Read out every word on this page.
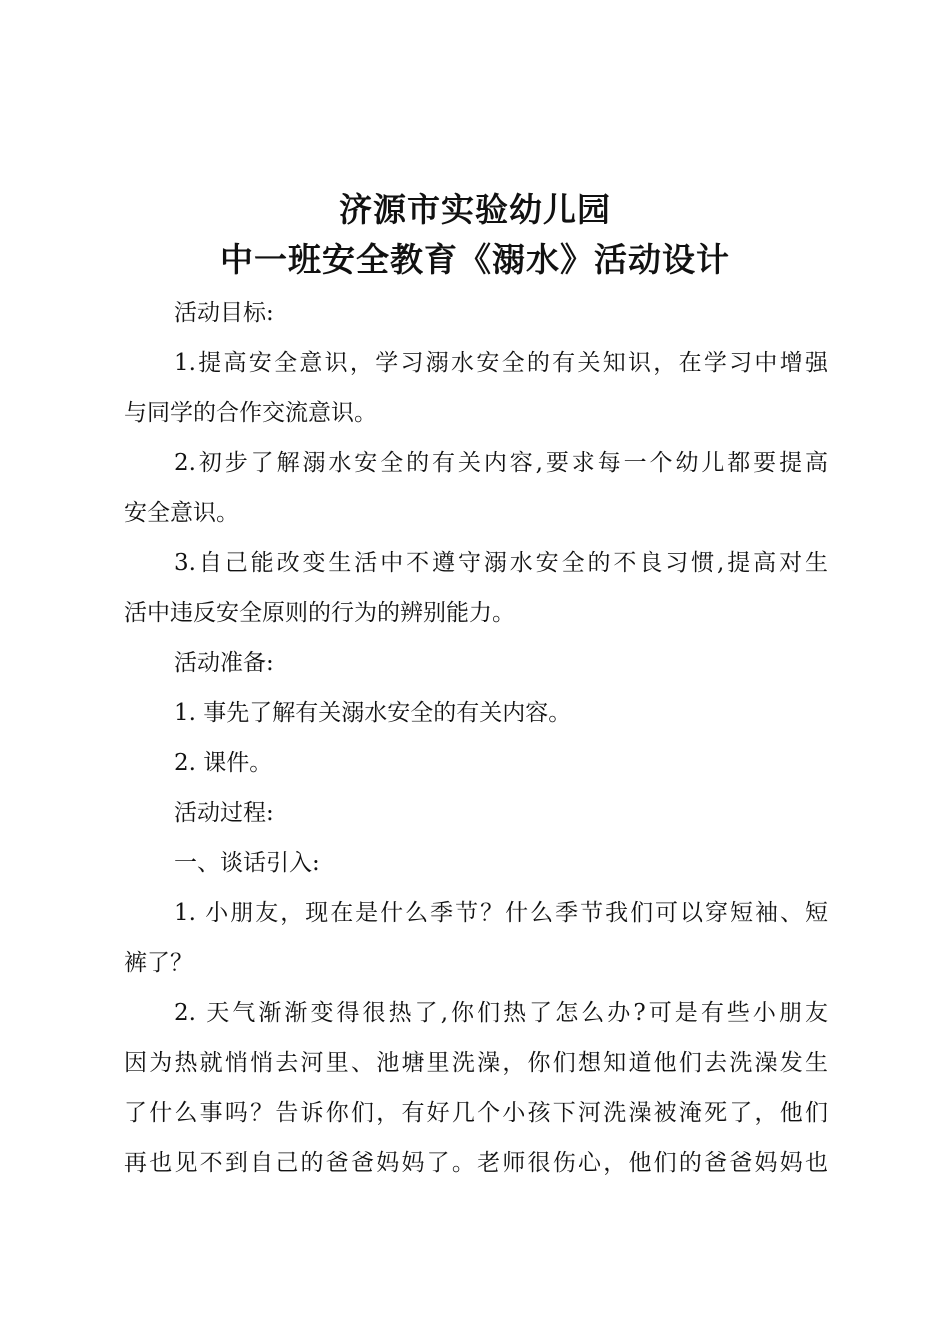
济源市实验幼儿园
中一班安全教育《溺水》活动设计
活动目标:
1.提高安全意识，学习溺水安全的有关知识，在学习中增强
与同学的合作交流意识。
2.初步了解溺水安全的有关内容,要求每一个幼儿都要提高
安全意识。
3.自己能改变生活中不遵守溺水安全的不良习惯,提高对生
活中违反安全原则的行为的辨别能力。
活动准备:
1. 事先了解有关溺水安全的有关内容。
2. 课件。
活动过程:
一、谈话引入:
1. 小朋友，现在是什么季节？什么季节我们可以穿短袖、短
裤了？
2. 天气渐渐变得很热了,你们热了怎么办?可是有些小朋友
因为热就悄悄去河里、池塘里洗澡，你们想知道他们去洗澡发生
了什么事吗？告诉你们，有好几个小孩下河洗澡被淹死了，他们
再也见不到自己的爸爸妈妈了。老师很伤心，他们的爸爸妈妈也
